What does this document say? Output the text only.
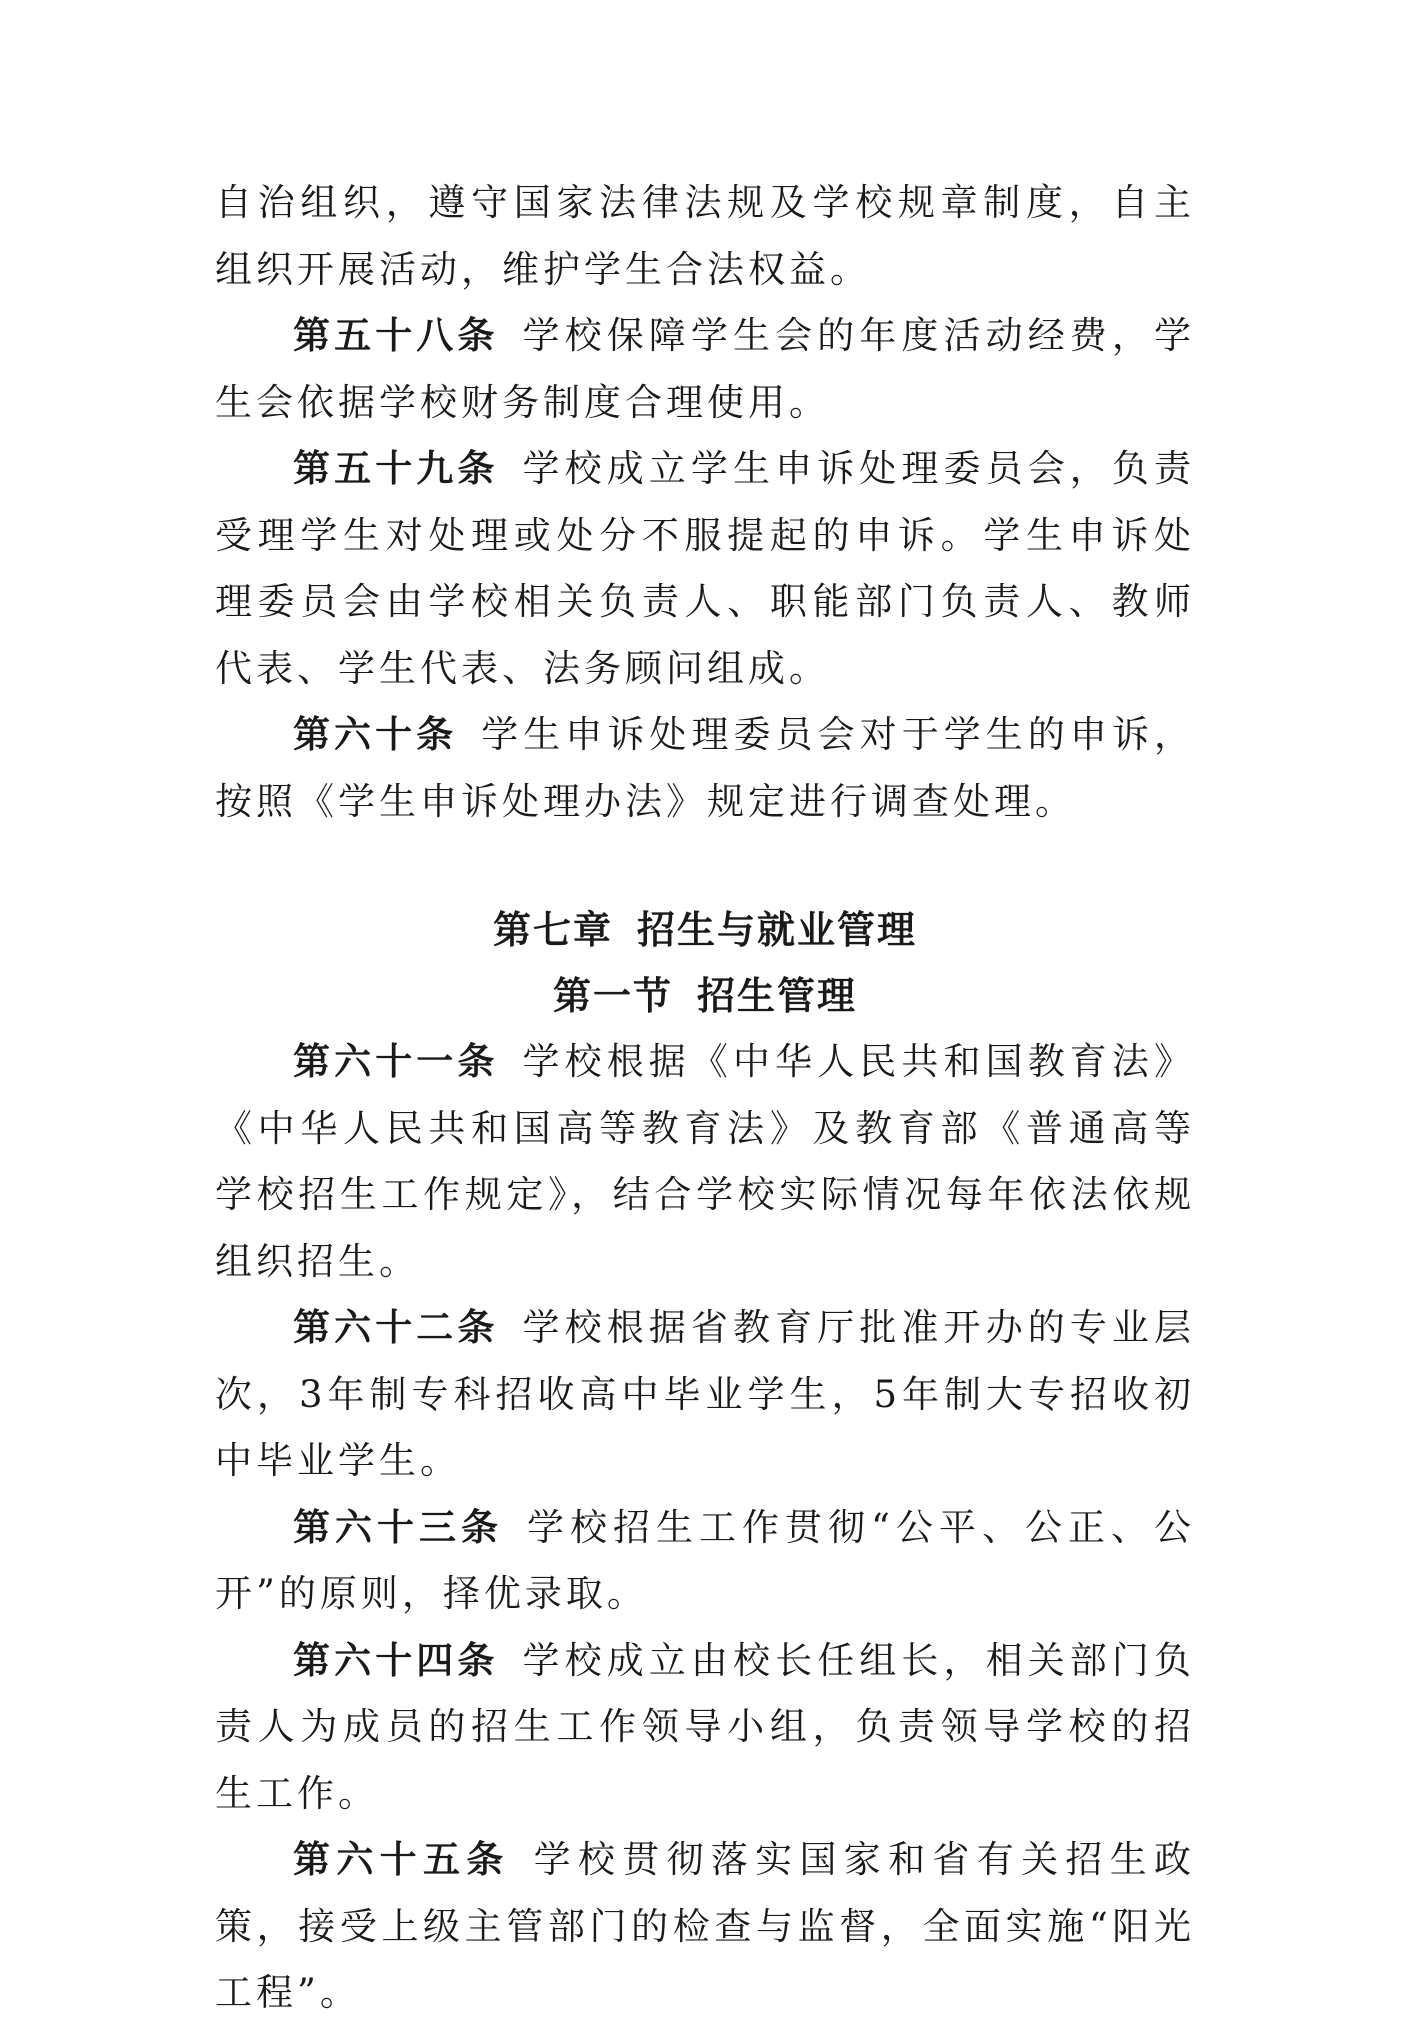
自治组织，遵守国家法律法规及学校规章制度，自主组织开展活动，维护学生合法权益。

第五十八条 学校保障学生会的年度活动经费，学生会依据学校财务制度合理使用。

第五十九条 学校成立学生申诉处理委员会，负责受理学生对处理或处分不服提起的申诉。学生申诉处理委员会由学校相关负责人、职能部门负责人、教师代表、学生代表、法务顾问组成。

第六十条 学生申诉处理委员会对于学生的申诉，按照《学生申诉处理办法》规定进行调查处理。

第七章 招生与就业管理
第一节 招生管理

第六十一条 学校根据《中华人民共和国教育法》《中华人民共和国高等教育法》及教育部《普通高等学校招生工作规定》，结合学校实际情况每年依法依规组织招生。

第六十二条 学校根据省教育厅批准开办的专业层次，3年制专科招收高中毕业学生，5年制大专招收初中毕业学生。

第六十三条 学校招生工作贯彻“公平、公正、公开”的原则，择优录取。

第六十四条 学校成立由校长任组长，相关部门负责人为成员的招生工作领导小组，负责领导学校的招生工作。

第六十五条 学校贯彻落实国家和省有关招生政策，接受上级主管部门的检查与监督，全面实施“阳光工程”。
